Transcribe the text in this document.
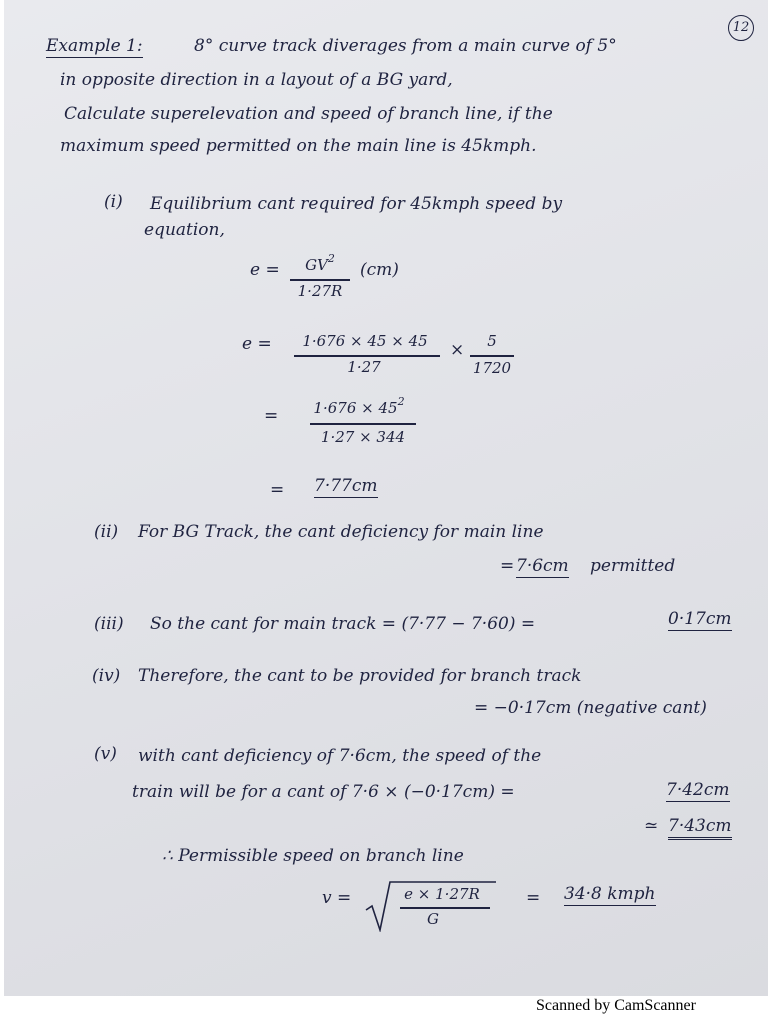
12
Example 1:	8° curve track diverages from a main curve of 5°
in opposite direction in a layout of a BG yard,
Calculate superelevation and speed of branch line, if the
maximum speed permitted on the main line is 45kmph.
(i) Equilibrium cant required for 45kmph speed by
equation,
e =	$GV^2$
1·27R
(cm)
e =	1·676 × 45 × 45
1·27
×	5
1720
=	$1\cdot 676 \times 45^2$
1·27 × 344
= 7·77cm
(ii) For BG Track, the cant deficiency for main line
= 7·6cm permitted
(iii) So the cant for main track = (7·77 − 7·60) =	0·17cm
(iv) Therefore, the cant to be provided for branch track
= −0·17cm (negative cant)
(v) with cant deficiency of 7·6cm, the speed of the
train will be for a cant of 7·6 × (−0·17cm) =	7·42cm
≃ 7·43cm
∴ Permissible speed on branch line
v =	e × 1·27R
G
= 34·8 kmph
Scanned by CamScanner
